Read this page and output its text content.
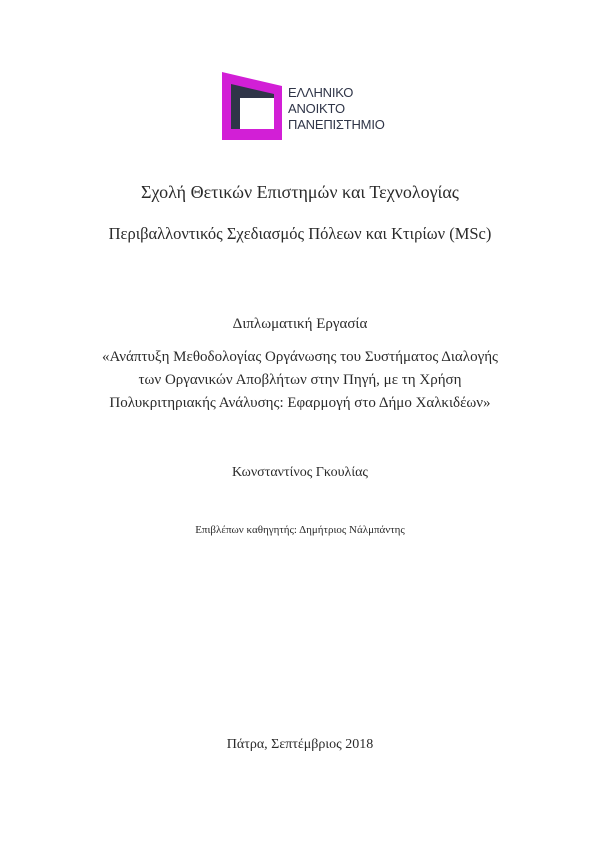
ΕΛΛΗΝΙΚΟ
ΑΝΟΙΚΤΟ
ΠΑΝΕΠΙΣΤΗΜΙΟ
Σχολή Θετικών Επιστημών και Τεχνολογίας
Περιβαλλοντικός Σχεδιασμός Πόλεων και Κτιρίων (MSc)
Διπλωματική Εργασία
«Ανάπτυξη Μεθοδολογίας Οργάνωσης του Συστήματος Διαλογής
των Οργανικών Αποβλήτων στην Πηγή, με τη Χρήση
Πολυκριτηριακής Ανάλυσης: Εφαρμογή στο Δήμο Χαλκιδέων»
Κωνσταντίνος Γκουλίας
Επιβλέπων καθηγητής: Δημήτριος Νάλμπάντης
Πάτρα, Σεπτέμβριος 2018
